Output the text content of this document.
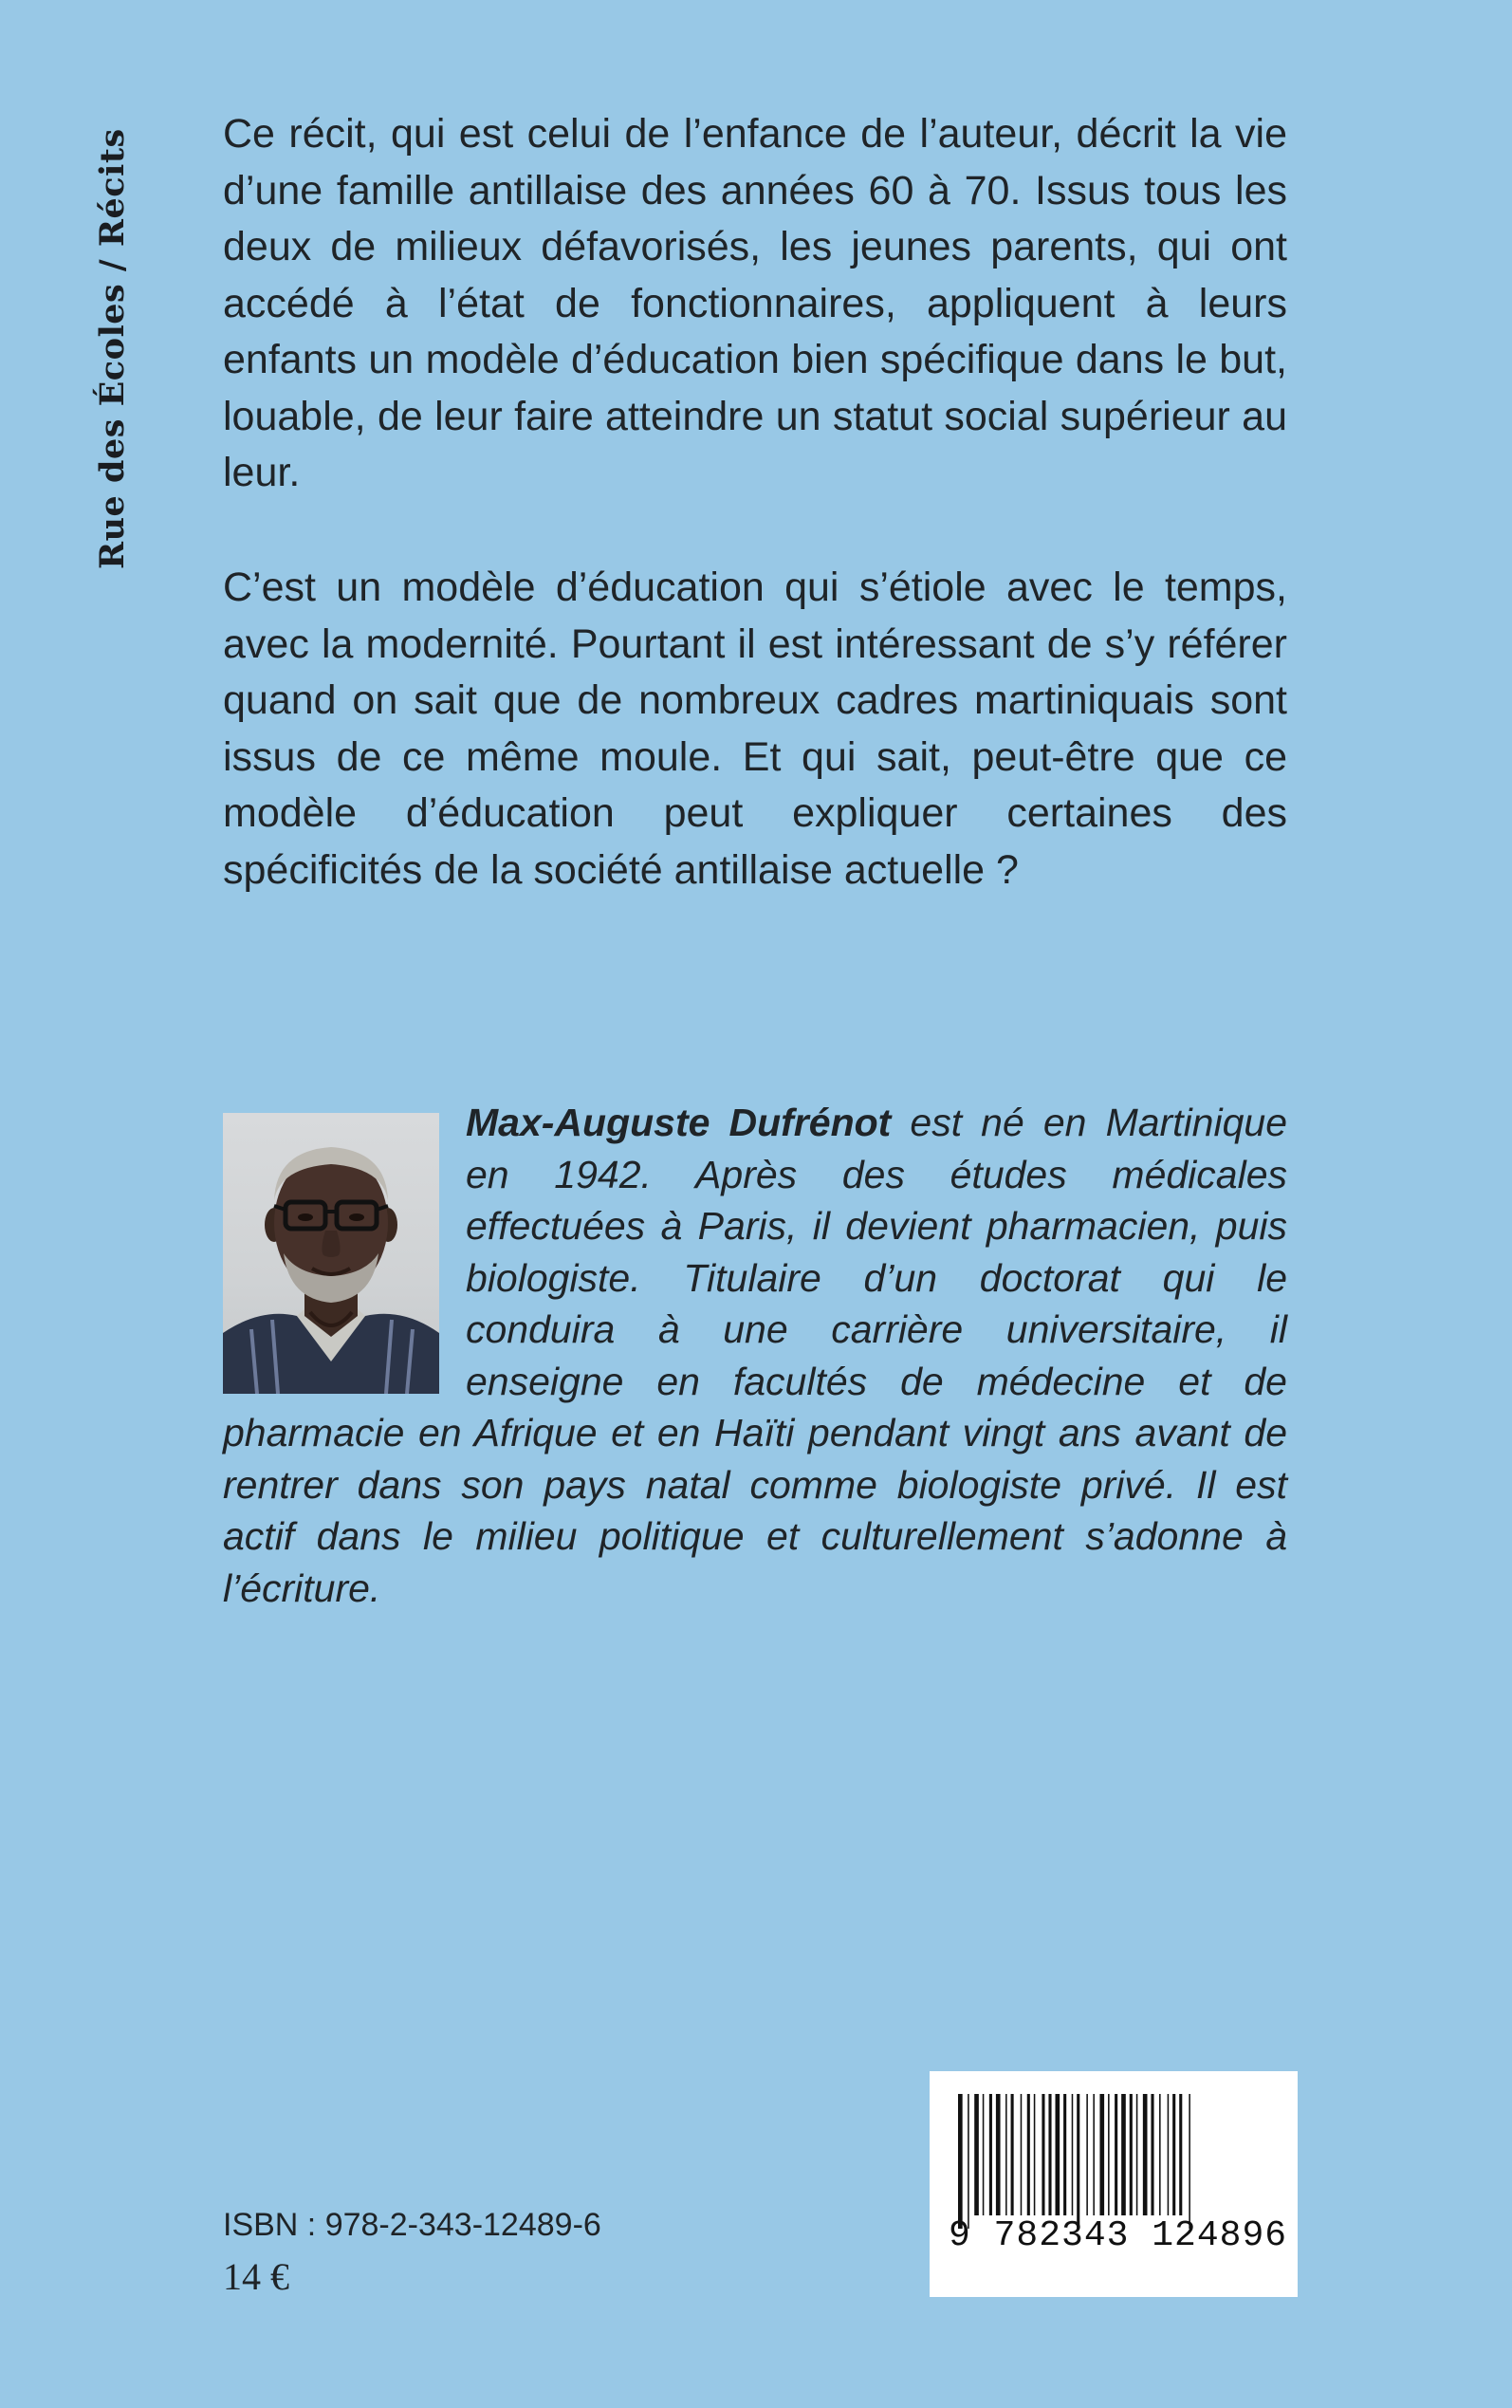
Rue des Écoles / Récits Ce récit, qui est celui de l’enfance de l’auteur, décrit la vie d’une famille antillaise des années 60 à 70. Issus tous les deux de milieux défavorisés, les jeunes parents, qui ont accédé à l’état de fonctionnaires, appliquent à leurs enfants un modèle d’éducation bien spécifique dans le but, louable, de leur faire atteindre un statut social supérieur au leur.
C’est un modèle d’éducation qui s’étiole avec le temps, avec la modernité. Pourtant il est intéressant de s’y référer quand on sait que de nombreux cadres martiniquais sont issus de ce même moule. Et qui sait, peut-être que ce modèle d’éducation peut expliquer certaines des spécificités de la société antillaise actuelle ?
Max-Auguste Dufrénot est né en Martinique en 1942. Après des études médicales effectuées à Paris, il devient pharmacien, puis biologiste. Titulaire d’un doctorat qui le conduira à une carrière universitaire, il enseigne en facultés de médecine et de pharmacie en Afrique et en Haïti pendant vingt ans avant de rentrer dans son pays natal comme biologiste privé. Il est actif dans le milieu politique et culturellement s’adonne à l’écriture.
ISBN : 978-2-343-12489-6
14 €
9 782343 124896
